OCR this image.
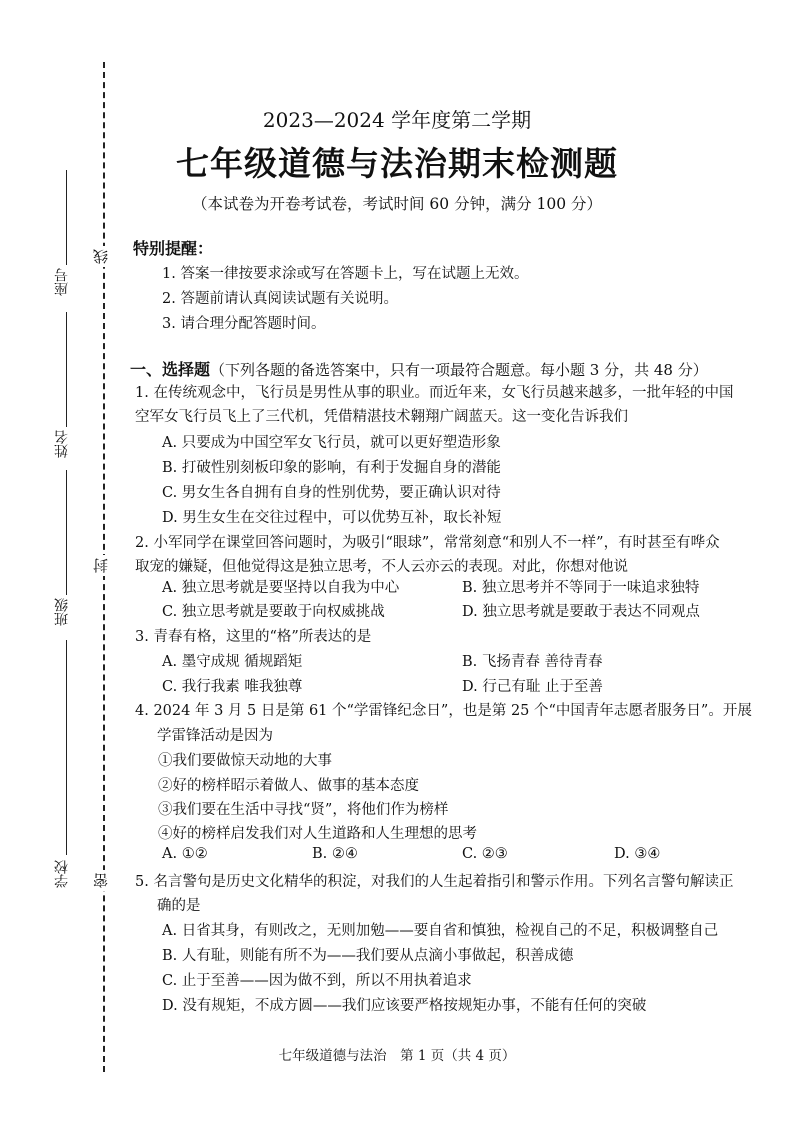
线
封
密
座号
姓名
班级
学校
2023—2024 学年度第二学期
七年级道德与法治期末检测题
（本试卷为开卷考试卷，考试时间 60 分钟，满分 100 分）
特别提醒：
1. 答案一律按要求涂或写在答题卡上，写在试题上无效。
2. 答题前请认真阅读试题有关说明。
3. 请合理分配答题时间。
一、选择题（下列各题的备选答案中，只有一项最符合题意。每小题 3 分，共 48 分）
1. 在传统观念中，飞行员是男性从事的职业。而近年来，女飞行员越来越多，一批年轻的中国
空军女飞行员飞上了三代机，凭借精湛技术翱翔广阔蓝天。这一变化告诉我们
A. 只要成为中国空军女飞行员，就可以更好塑造形象
B. 打破性别刻板印象的影响，有利于发掘自身的潜能
C. 男女生各自拥有自身的性别优势，要正确认识对待
D. 男生女生在交往过程中，可以优势互补，取长补短
2. 小军同学在课堂回答问题时，为吸引“眼球”，常常刻意“和别人不一样”，有时甚至有哗众
取宠的嫌疑，但他觉得这是独立思考，不人云亦云的表现。对此，你想对他说
A. 独立思考就是要坚持以自我为中心	B. 独立思考并不等同于一味追求独特
C. 独立思考就是要敢于向权威挑战	D. 独立思考就是要敢于表达不同观点
3. 青春有格，这里的“格”所表达的是
A. 墨守成规 循规蹈矩	B. 飞扬青春 善待青春
C. 我行我素 唯我独尊	D. 行己有耻 止于至善
4. 2024 年 3 月 5 日是第 61 个“学雷锋纪念日”，也是第 25 个“中国青年志愿者服务日”。开展
学雷锋活动是因为
①我们要做惊天动地的大事
②好的榜样昭示着做人、做事的基本态度
③我们要在生活中寻找“贤”，将他们作为榜样
④好的榜样启发我们对人生道路和人生理想的思考
A. ①②	B. ②④	C. ②③	D. ③④
5. 名言警句是历史文化精华的积淀，对我们的人生起着指引和警示作用。下列名言警句解读正
确的是
A. 日省其身，有则改之，无则加勉——要自省和慎独，检视自己的不足，积极调整自己
B. 人有耻，则能有所不为——我们要从点滴小事做起，积善成德
C. 止于至善——因为做不到，所以不用执着追求
D. 没有规矩，不成方圆——我们应该要严格按规矩办事，不能有任何的突破
七年级道德与法治　第 1 页（共 4 页）
